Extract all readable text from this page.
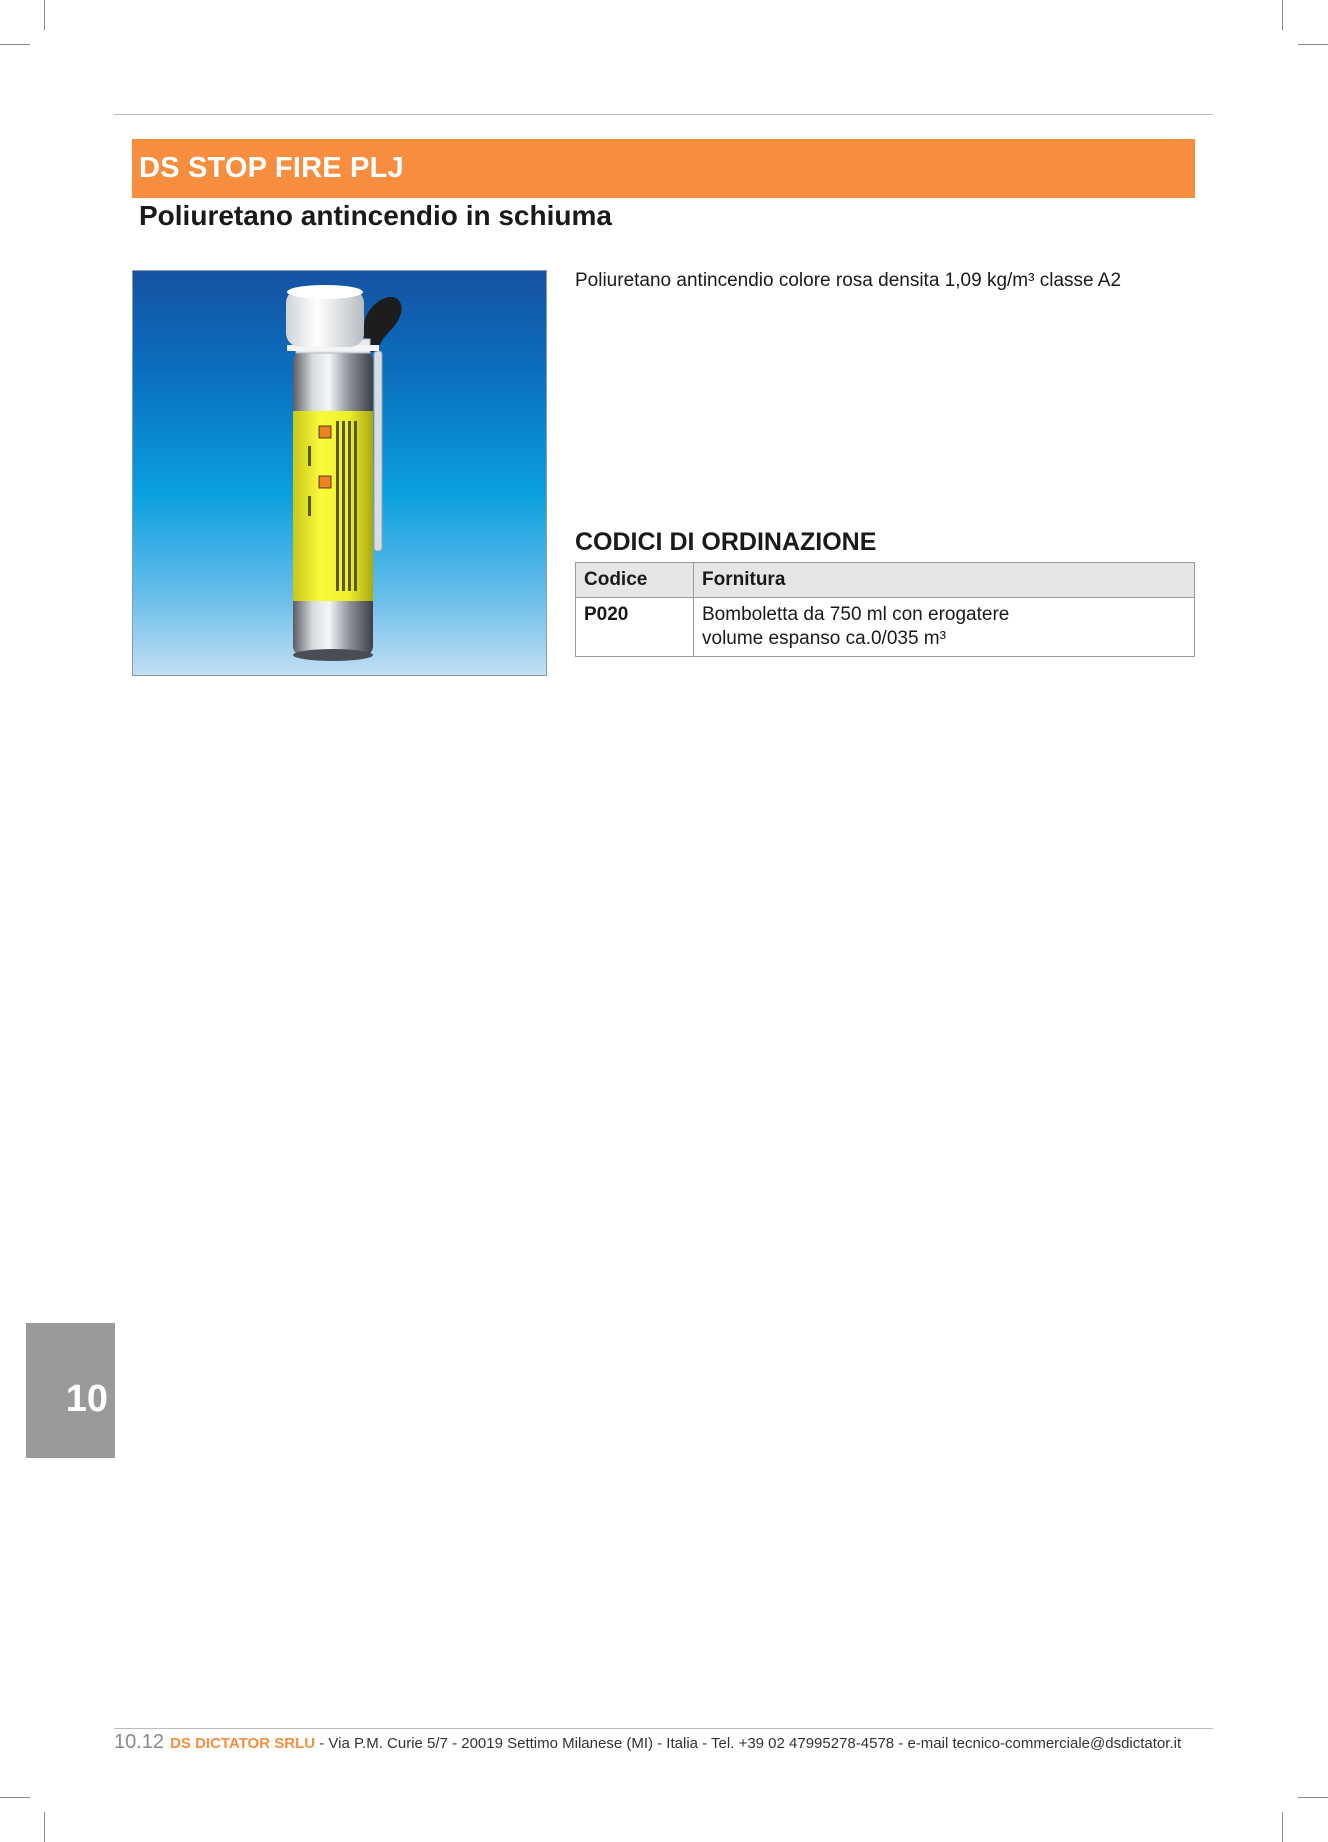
DS STOP FIRE PLJ
Poliuretano antincendio in schiuma
Poliuretano antincendio colore rosa densita 1,09 kg/m³ classe A2
CODICI DI ORDINAZIONE
Codice	Fornitura
P020	Bomboletta da 750 ml con erogatere
volume espanso ca.0/035 m³
10
10.12 DS DICTATOR SRLU - Via P.M. Curie 5/7 - 20019 Settimo Milanese (MI) - Italia - Tel. +39 02 47995278-4578 - e-mail tecnico-commerciale@dsdictator.it
